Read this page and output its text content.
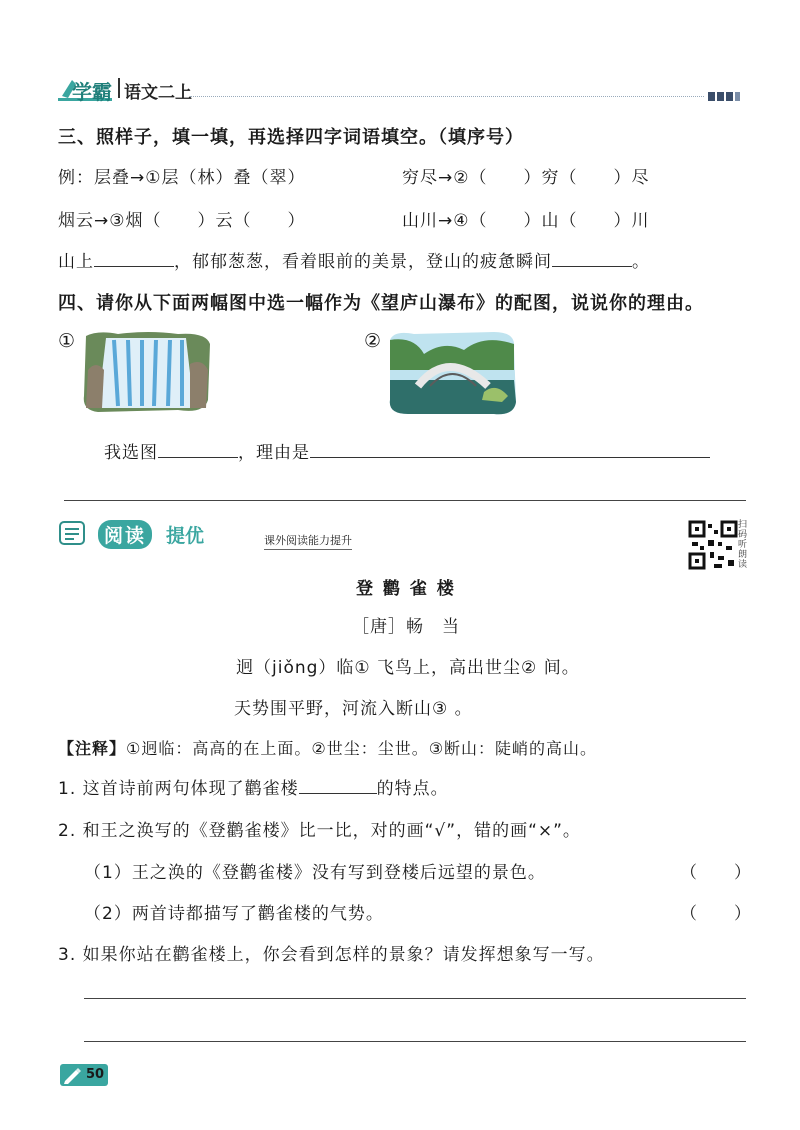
学霸 语文二上
三、照样子，填一填，再选择四字词语填空。（填序号）
例：层叠→①层（林）叠（翠）	穷尽→②（　　）穷（　　）尽
烟云→③烟（　　）云（　　）	山川→④（　　）山（　　）川
山上	，郁郁葱葱，看着眼前的美景，登山的疲惫瞬间	。
四、请你从下面两幅图中选一幅作为《望庐山瀑布》的配图，说说你的理由。
①	②
我选图	，理由是
阅读	提优	课外阅读能力提升
扫码听朗读
登 鹳 雀 楼
［唐］畅　当
迥（jiǒng）临① 飞鸟上，高出世尘② 间。
天势围平野，河流入断山③ 。
【注释】①迥临：高高的在上面。②世尘：尘世。③断山：陡峭的高山。
1. 这首诗前两句体现了鹳雀楼	的特点。
2. 和王之涣写的《登鹳雀楼》比一比，对的画“√”，错的画“×”。
（1）王之涣的《登鹳雀楼》没有写到登楼后远望的景色。	（ ）
（2）两首诗都描写了鹳雀楼的气势。	（ ）
3. 如果你站在鹳雀楼上，你会看到怎样的景象？请发挥想象写一写。
50
